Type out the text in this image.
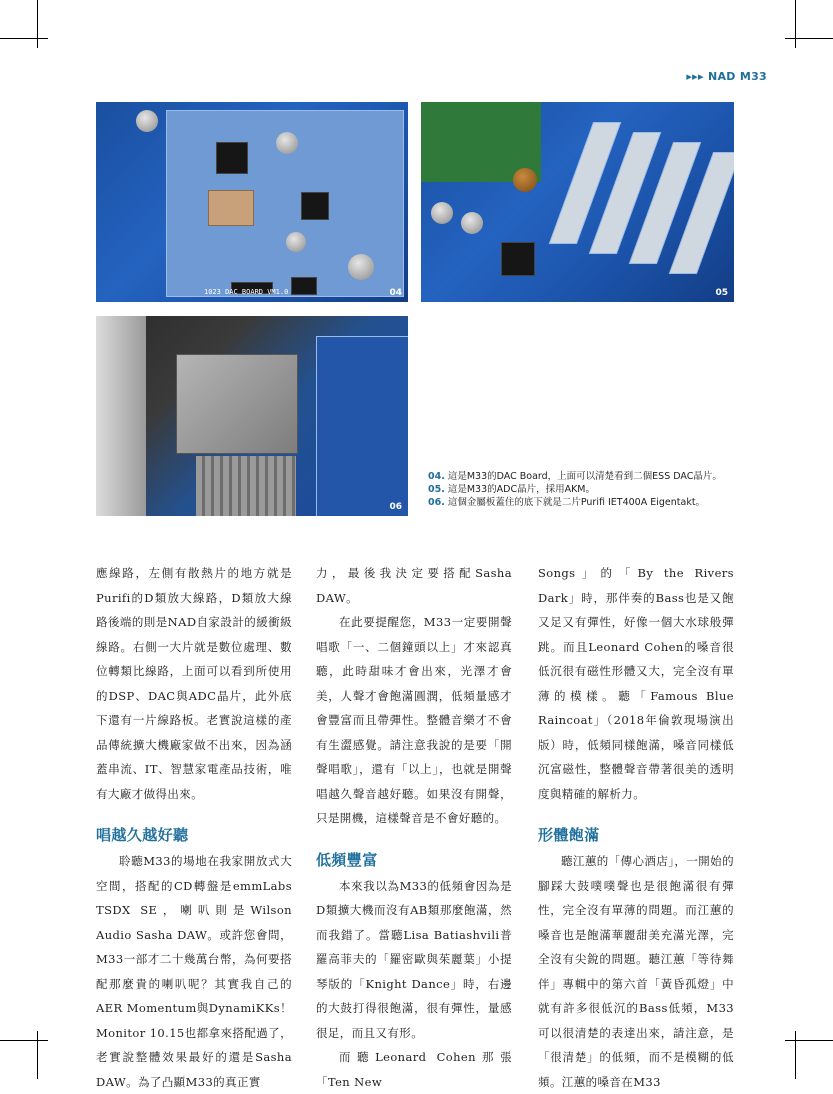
▸▸▸ NAD M33
1023 DAC BOARD VM1.0	04	05
06
04. 這是M33的DAC Board，上面可以清楚看到二個ESS DAC晶片。
05. 這是M33的ADC晶片，採用AKM。
06. 這個金屬板蓋住的底下就是二片Purifi IET400A Eigentakt。

應線路，左側有散熱片的地方就是Purifi的D類放大線路，D類放大線路後端的則是NAD自家設計的緩衝級線路。右側一大片就是數位處理、數位轉類比線路，上面可以看到所使用的DSP、DAC與ADC晶片，此外底下還有一片線路板。老實說這樣的產品傳統擴大機廠家做不出來，因為涵蓋串流、IT、智慧家電產品技術，唯有大廠才做得出來。

唱越久越好聽

聆聽M33的場地在我家開放式大空間，搭配的CD轉盤是emmLabs TSDX SE，喇叭則是Wilson Audio Sasha DAW。或許您會問，M33一部才二十幾萬台幣，為何要搭配那麼貴的喇叭呢？其實我自己的AER Momentum與DynamiKKs！Monitor 10.15也都拿來搭配過了，老實說整體效果最好的還是Sasha DAW。為了凸顯M33的真正實

力，最後我決定要搭配Sasha DAW。

在此要提醒您，M33一定要開聲唱歌「一、二個鐘頭以上」才來認真聽，此時甜味才會出來，光澤才會美，人聲才會飽滿圓潤，低頻量感才會豐富而且帶彈性。整體音樂才不會有生澀感覺。請注意我說的是要「開聲唱歌」，還有「以上」，也就是開聲唱越久聲音越好聽。如果沒有開聲，只是開機，這樣聲音是不會好聽的。

低頻豐富

本來我以為M33的低頻會因為是D類擴大機而沒有AB類那麼飽滿，然而我錯了。當聽Lisa Batiashvili普羅高菲夫的「羅密歐與茱麗葉」小提琴版的「Knight Dance」時，右邊的大鼓打得很飽滿，很有彈性，量感很足，而且又有形。

而聽Leonard Cohen那張「Ten New

Songs」的「By the Rivers Dark」時，那伴奏的Bass也是又飽又足又有彈性，好像一個大水球般彈跳。而且Leonard Cohen的嗓音很低沉很有磁性形體又大，完全沒有單薄的模樣。聽「Famous Blue Raincoat」（2018年倫敦現場演出版）時，低頻同樣飽滿，嗓音同樣低沉富磁性，整體聲音帶著很美的透明度與精確的解析力。

形體飽滿

聽江蕙的「傳心酒店」，一開始的腳踩大鼓噗噗聲也是很飽滿很有彈性，完全沒有單薄的問題。而江蕙的嗓音也是飽滿華麗甜美充滿光澤，完全沒有尖銳的問題。聽江蕙「等待舞伴」專輯中的第六首「黃昏孤燈」中就有許多很低沉的Bass低頻，M33可以很清楚的表達出來，請注意，是「很清楚」的低頻，而不是模糊的低頻。江蕙的嗓音在M33
